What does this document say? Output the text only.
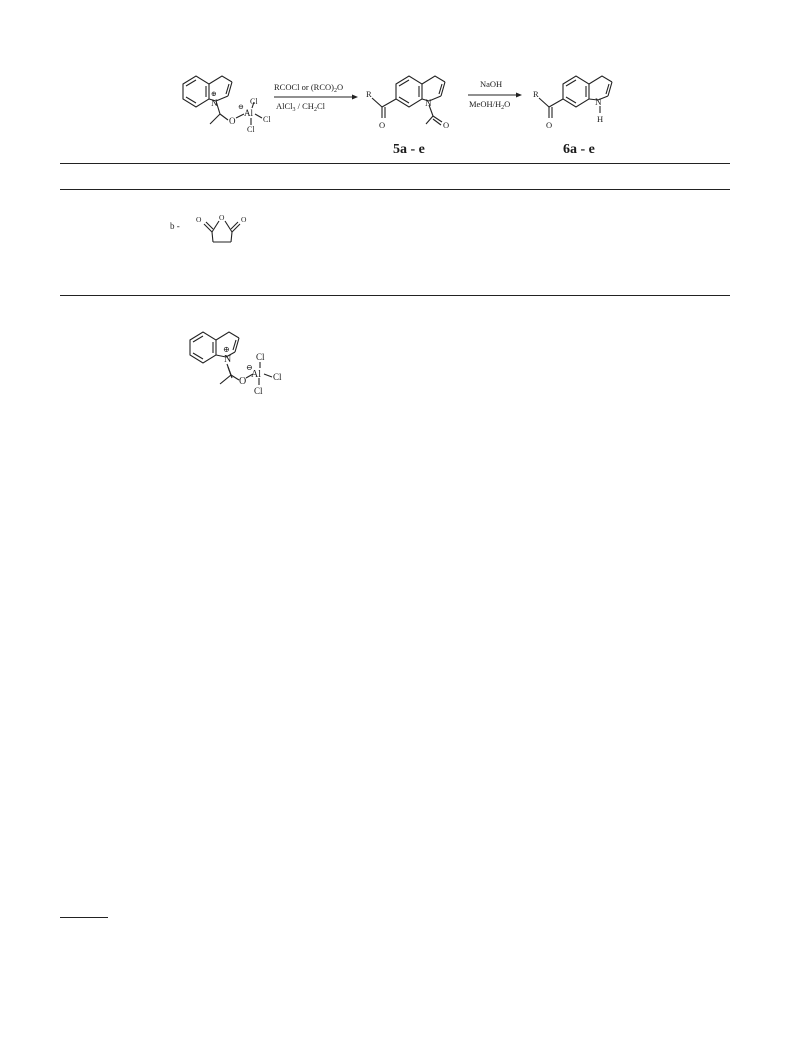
N
⊕
O
Al
⊖
Cl
Cl
Cl
RCOCl or $(RCO)_2O$
AlCl$_3$ / $CH_2Cl$
R
O
N
O
NaOH
MeOH/$H_2O$
R
O
N
H
5a - e	6a - e
b -
O O O
N
⊕
O
Al
⊖
Cl
Cl
Cl
